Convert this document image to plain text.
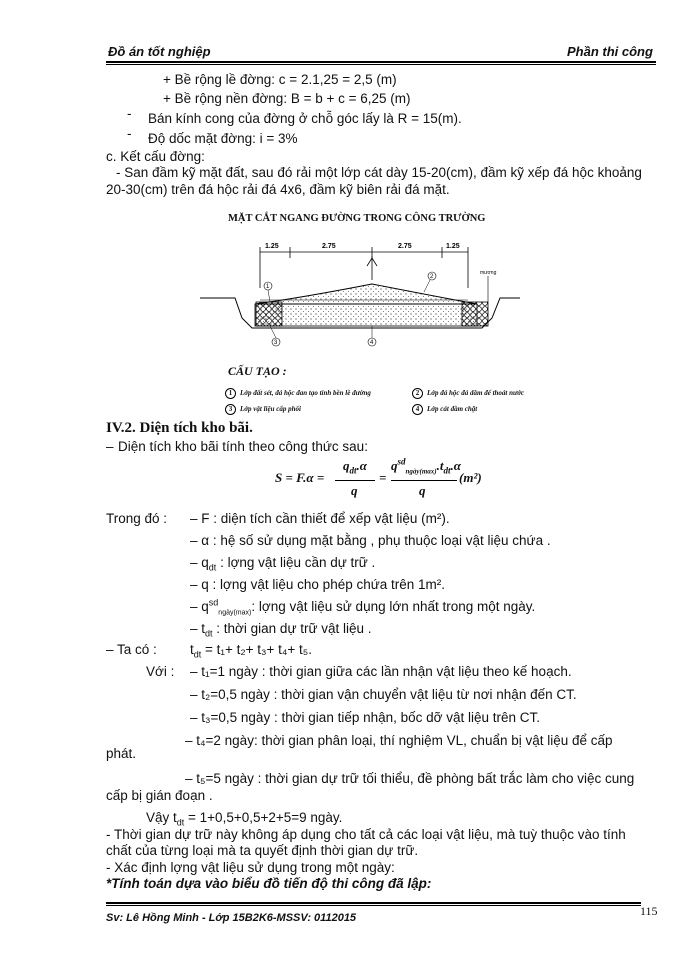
Đồ án tốt nghiệp	Phần thi công
+ Bề rộng lề đờng: c = 2.1,25 = 2,5 (m)
+ Bề rộng nền đờng: B = b + c = 6,25 (m)
- Bán kính cong của đờng ở chỗ góc lấy là R = 15(m).
- Độ dốc mặt đờng: i = 3%
c. Kết cấu đờng:
- San đầm kỹ mặt đất, sau đó rải một lớp cát dày 15-20(cm), đầm kỹ xếp đá hộc khoảng
20-30(cm) trên đá hộc rải đá 4x6, đầm kỹ biên rải đá mặt.
MẶT CẮT NGANG ĐƯỜNG TRONG CÔNG TRƯỜNG
1.25	2.75	2.75	1.25
mương
1
2
3	4
CẤU TẠO :
1 Lớp đất sét, đá hộc đan tạo tính bền lề đường	2 Lớp đá hộc đá dăm để thoát nước
3 Lớp vật liệu cấp phối	4 Lớp cát đầm chặt
IV.2. Diện tích kho bãi.
– Diện tích kho bãi tính theo công thức sau:
S = F.α =
$q_{dt}.\alpha$
q
=
$q^{sd}_{ngày(max)}.t_{dt}.\alpha$
q
(m²)
Trong đó : – F : diện tích cần thiết để xếp vật liệu (m²).
– α : hệ số sử dụng mặt bằng , phụ thuộc loại vật liệu chứa .
– $q_{dt}$ : lợng vật liệu cần dự trữ .
– q : lợng vật liệu cho phép chứa trên 1m².
– $q^{sd}_{ngày(max)}$: lợng vật liệu sử dụng lớn nhất trong một ngày.
– $t_{dt}$ : thời gian dự trữ vật liệu .
– Ta có : $t_{dt} = t_1+ t_2+ t_3+ t_4+ t_5$.
Với : – t₁=1 ngày : thời gian giữa các lần nhận vật liệu theo kế hoạch.
– t₂=0,5 ngày : thời gian vận chuyển vật liệu từ nơi nhận đến CT.
– t₃=0,5 ngày : thời gian tiếp nhận, bốc dỡ vật liệu trên CT.
– t₄=2 ngày: thời gian phân loại, thí nghiệm VL, chuẩn bị vật liệu để cấp
phát.
– t₅=5 ngày : thời gian dự trữ tối thiểu, đề phòng bất trắc làm cho việc cung
cấp bị gián đoạn .
Vậy $t_{dt} = 1+0,5+0,5+2+5=9$ ngày.
- Thời gian dự trữ này không áp dụng cho tất cả các loại vật liệu, mà tuỳ thuộc vào tính
chất của từng loại mà ta quyết định thời gian dự trữ.
- Xác định lợng vật liệu sử dụng trong một ngày:
*Tính toán dựa vào biểu đồ tiến độ thi công đã lập:
Sv: Lê Hồng Minh - Lớp 15B2K6-MSSV: 0112015	115
